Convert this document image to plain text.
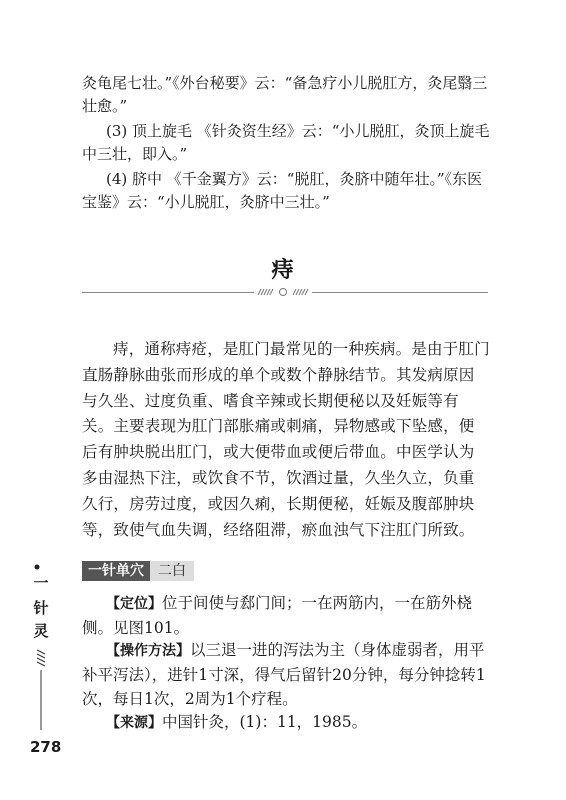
灸龟尾七壮。”《外台秘要》云：“备急疗小儿脱肛方，灸尾翳三
壮愈。”
(3) 顶上旋毛 《针灸资生经》云：“小儿脱肛，灸顶上旋毛
中三壮，即入。”
(4) 脐中 《千金翼方》云：“脱肛，灸脐中随年壮。”《东医
宝鉴》云：“小儿脱肛，灸脐中三壮。”
痔
痔，通称痔疮，是肛门最常见的一种疾病。是由于肛门直肠静脉曲张而形成的单个或数个静脉结节。其发病原因与久坐、过度负重、嗜食辛辣或长期便秘以及妊娠等有关。主要表现为肛门部胀痛或刺痛，异物感或下坠感，便后有肿块脱出肛门，或大便带血或便后带血。中医学认为多由湿热下注，或饮食不节，饮酒过量，久坐久立，负重久行，房劳过度，或因久痢，长期便秘，妊娠及腹部肿块等，致使气血失调，经络阻滞，瘀血浊气下注肛门所致。
一针单穴	二白
【定位】位于间使与郄门间；一在两筋内，一在筋外桡侧。见图101。
【操作方法】以三退一进的泻法为主（身体虚弱者，用平补平泻法），进针1寸深，得气后留针20分钟，每分钟捻转1次，每日1次，2周为1个疗程。
【来源】中国针灸，(1)：11，1985。
一
针
灵
278
